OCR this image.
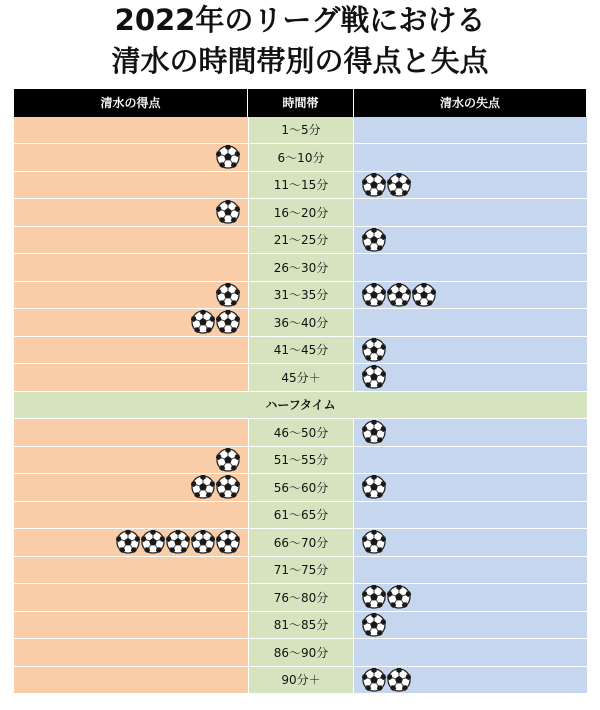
2022年のリーグ戦における
清水の時間帯別の得点と失点
清水の得点	時間帯	清水の失点
1～5分
6～10分
11～15分
16～20分
21～25分
26～30分
31～35分
36～40分
41～45分
45分＋
ハーフタイム
46～50分
51～55分
56～60分
61～65分
66～70分
71～75分
76～80分
81～85分
86～90分
90分＋
